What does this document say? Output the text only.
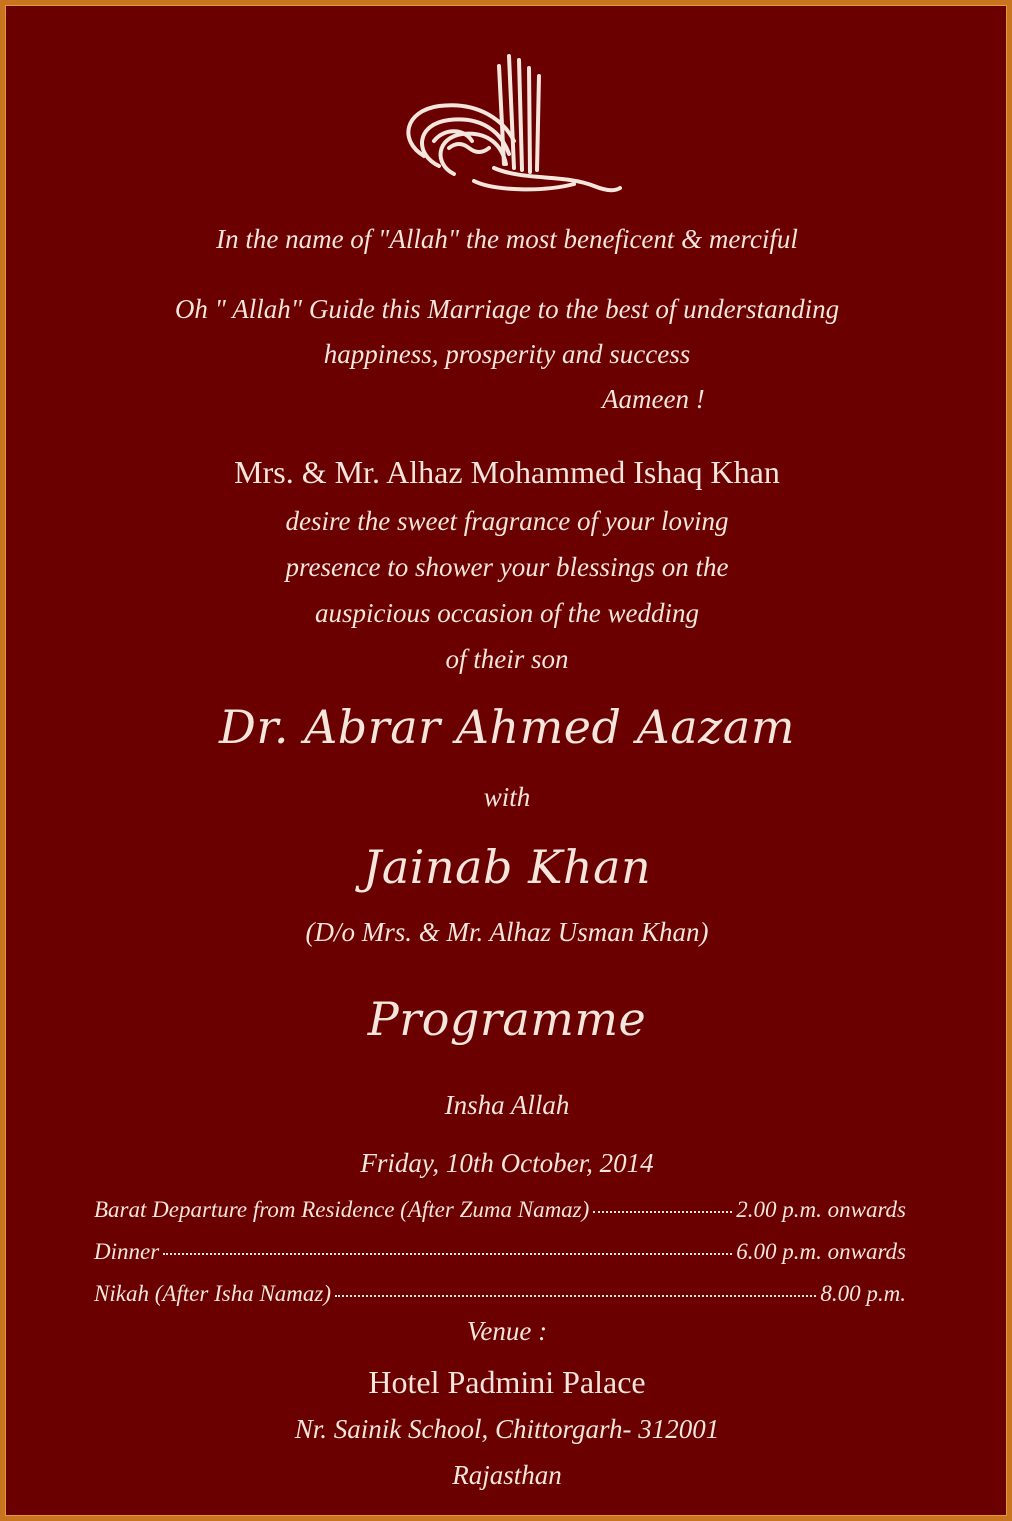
In the name of "Allah" the most beneficent & merciful
Oh " Allah" Guide this Marriage to the best of understanding
happiness, prosperity and success
Aameen !
Mrs. & Mr. Alhaz Mohammed Ishaq Khan
desire the sweet fragrance of your loving
presence to shower your blessings on the
auspicious occasion of the wedding
of their son
Dr. Abrar Ahmed Aazam
with
Jainab Khan
(D/o Mrs. & Mr. Alhaz Usman Khan)
Programme
Insha Allah
Friday, 10th October, 2014
Barat Departure from Residence (After Zuma Namaz)	2.00 p.m. onwards
Dinner	6.00 p.m. onwards
Nikah (After Isha Namaz)	8.00 p.m.
Venue :
Hotel Padmini Palace
Nr. Sainik School, Chittorgarh- 312001
Rajasthan
